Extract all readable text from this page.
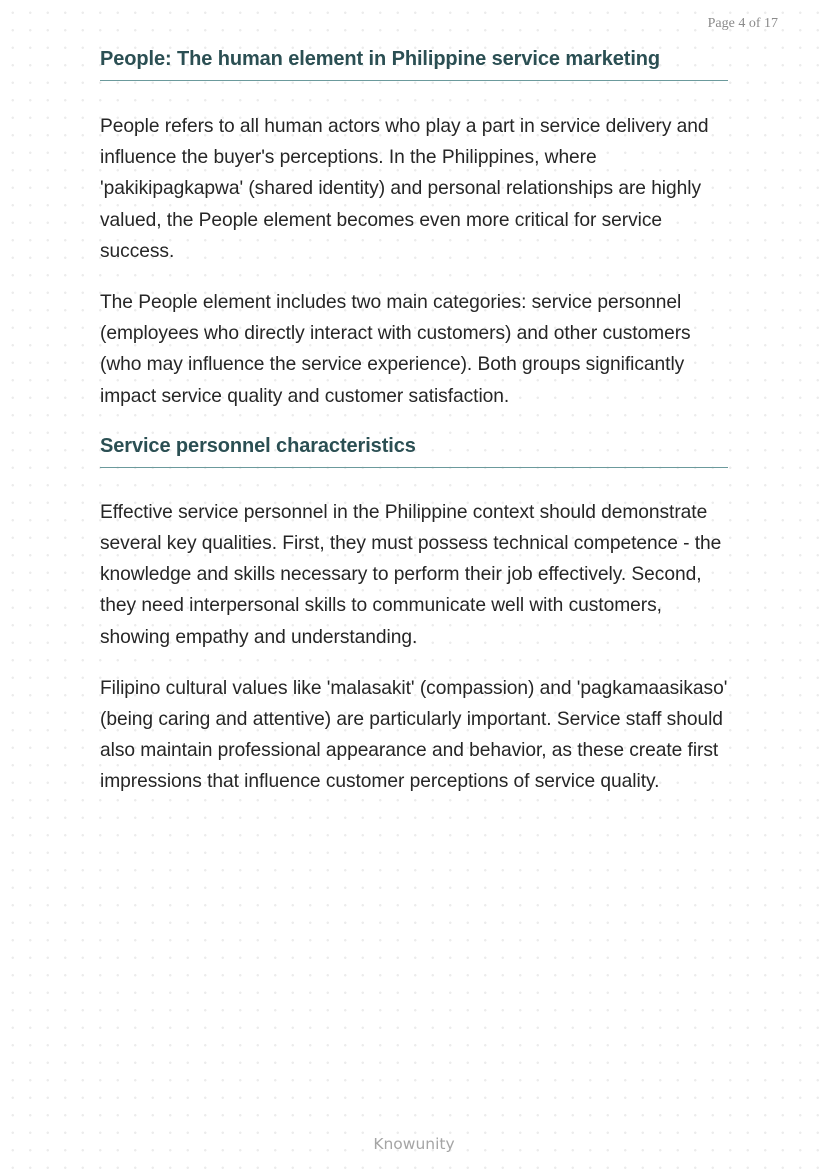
Page 4 of 17
People: The human element in Philippine service marketing

People refers to all human actors who play a part in service delivery and influence the buyer's perceptions. In the Philippines, where 'pakikipagkapwa' (shared identity) and personal relationships are highly valued, the People element becomes even more critical for service success.

The People element includes two main categories: service personnel (employees who directly interact with customers) and other customers (who may influence the service experience). Both groups significantly impact service quality and customer satisfaction.

Service personnel characteristics

Effective service personnel in the Philippine context should demonstrate several key qualities. First, they must possess technical competence - the knowledge and skills necessary to perform their job effectively. Second, they need interpersonal skills to communicate well with customers, showing empathy and understanding.

Filipino cultural values like 'malasakit' (compassion) and 'pagkamaasikaso' (being caring and attentive) are particularly important. Service staff should also maintain professional appearance and behavior, as these create first impressions that influence customer perceptions of service quality.

Knowunity
